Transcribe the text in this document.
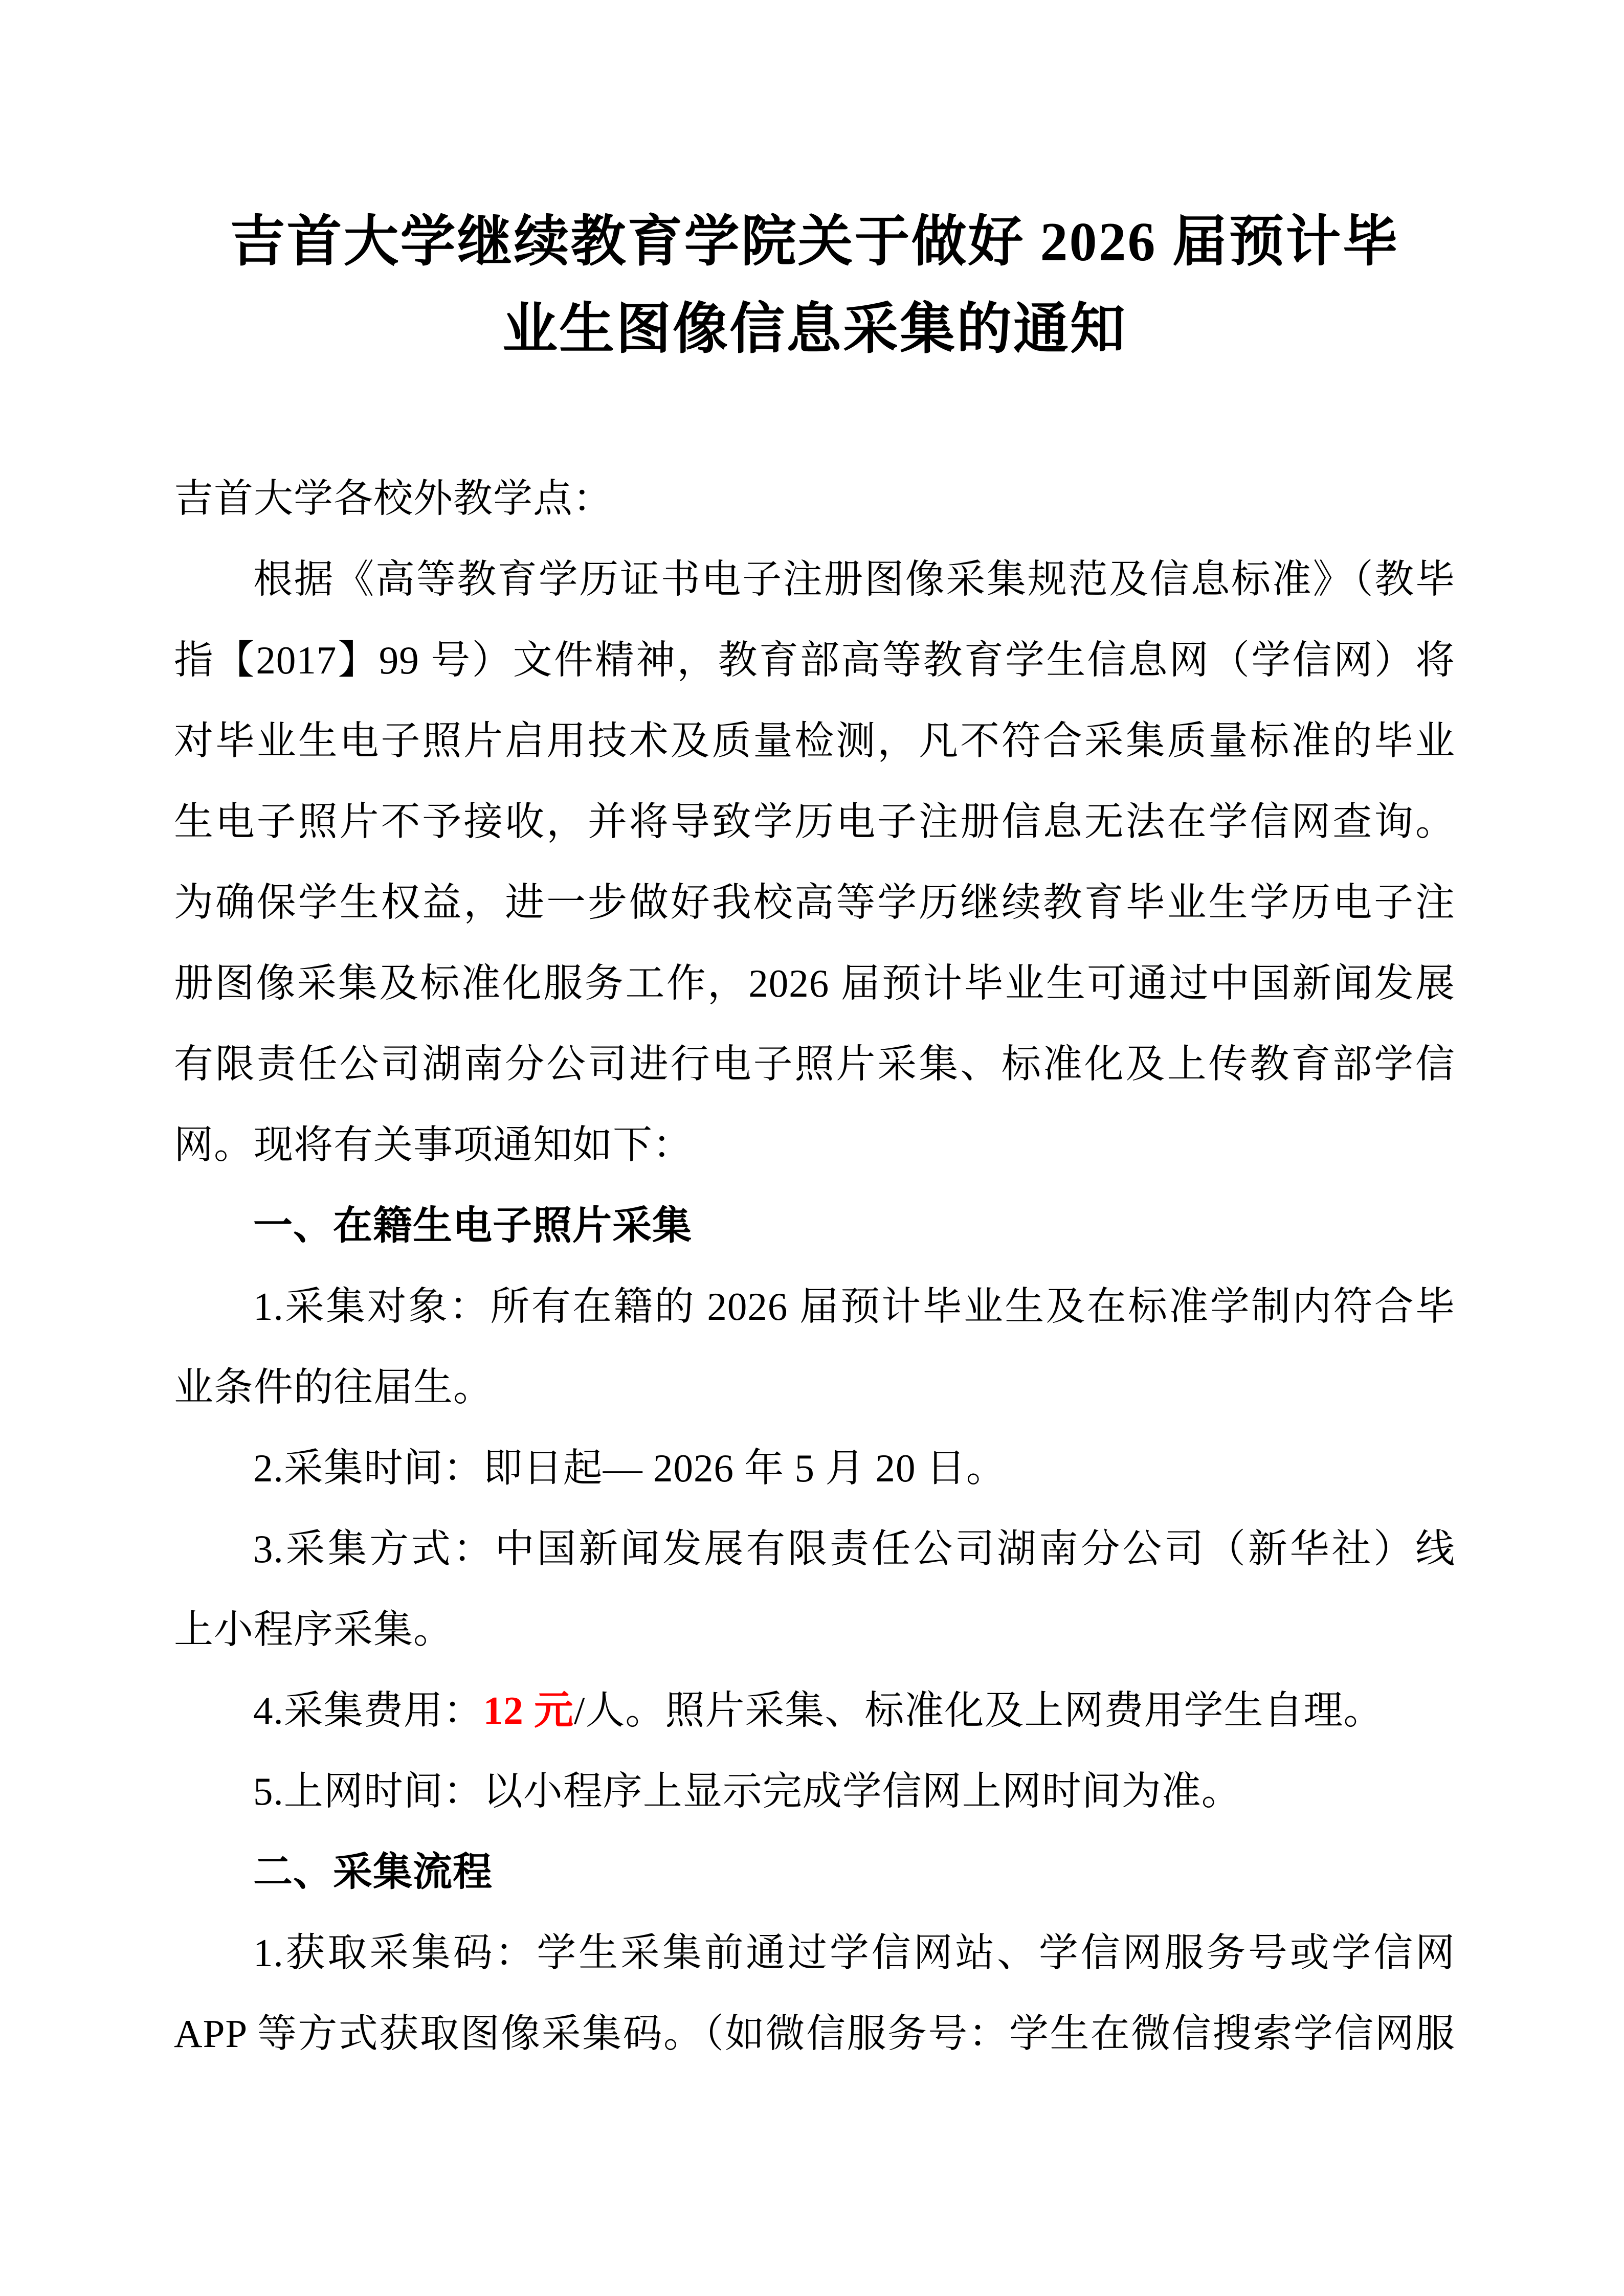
吉首大学继续教育学院关于做好 2026 届预计毕
业生图像信息采集的通知
吉首大学各校外教学点：
根据《高等教育学历证书电子注册图像采集规范及信息标准》（教毕
指【2017】99 号）文件精神，教育部高等教育学生信息网（学信网）将
对毕业生电子照片启用技术及质量检测，凡不符合采集质量标准的毕业
生电子照片不予接收，并将导致学历电子注册信息无法在学信网查询。
为确保学生权益，进一步做好我校高等学历继续教育毕业生学历电子注
册图像采集及标准化服务工作，2026 届预计毕业生可通过中国新闻发展
有限责任公司湖南分公司进行电子照片采集、标准化及上传教育部学信
网。现将有关事项通知如下：
一、在籍生电子照片采集
1.采集对象：所有在籍的 2026 届预计毕业生及在标准学制内符合毕
业条件的往届生。
2.采集时间：即日起— 2026 年 5 月 20 日。
3.采集方式：中国新闻发展有限责任公司湖南分公司（新华社）线
上小程序采集。
4.采集费用：12 元/人。照片采集、标准化及上网费用学生自理。
5.上网时间：以小程序上显示完成学信网上网时间为准。
二、采集流程
1.获取采集码：学生采集前通过学信网站、学信网服务号或学信网
APP 等方式获取图像采集码。（如微信服务号：学生在微信搜索学信网服
